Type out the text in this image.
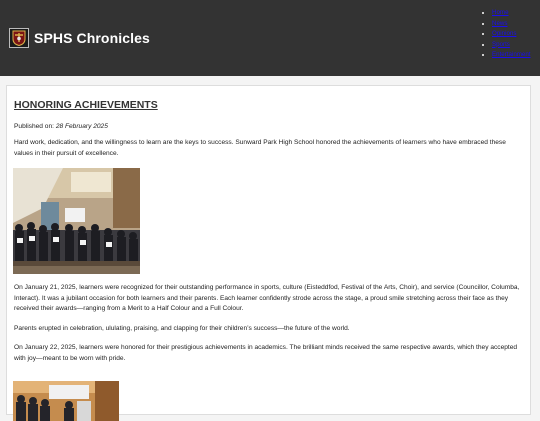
SPHS Chronicles
• Home
• News
• Opinions
• Sports
• Entertainment
HONORING ACHIEVEMENTS
Published on: 28 February 2025

Hard work, dedication, and the willingness to learn are the keys to success. Sunward Park High School honored the achievements of learners who have embraced these values in their pursuit of excellence.

On January 21, 2025, learners were recognized for their outstanding performance in sports, culture (Eisteddfod, Festival of the Arts, Choir), and service (Councillor, Columba, Interact). It was a jubilant occasion for both learners and their parents. Each learner confidently strode across the stage, a proud smile stretching across their face as they received their awards—ranging from a Merit to a Half Colour and a Full Colour.

Parents erupted in celebration, ululating, praising, and clapping for their children’s success—the future of the world.

On January 22, 2025, learners were honored for their prestigious achievements in academics. The brilliant minds received the same respective awards, which they accepted with joy—meant to be worn with pride.
